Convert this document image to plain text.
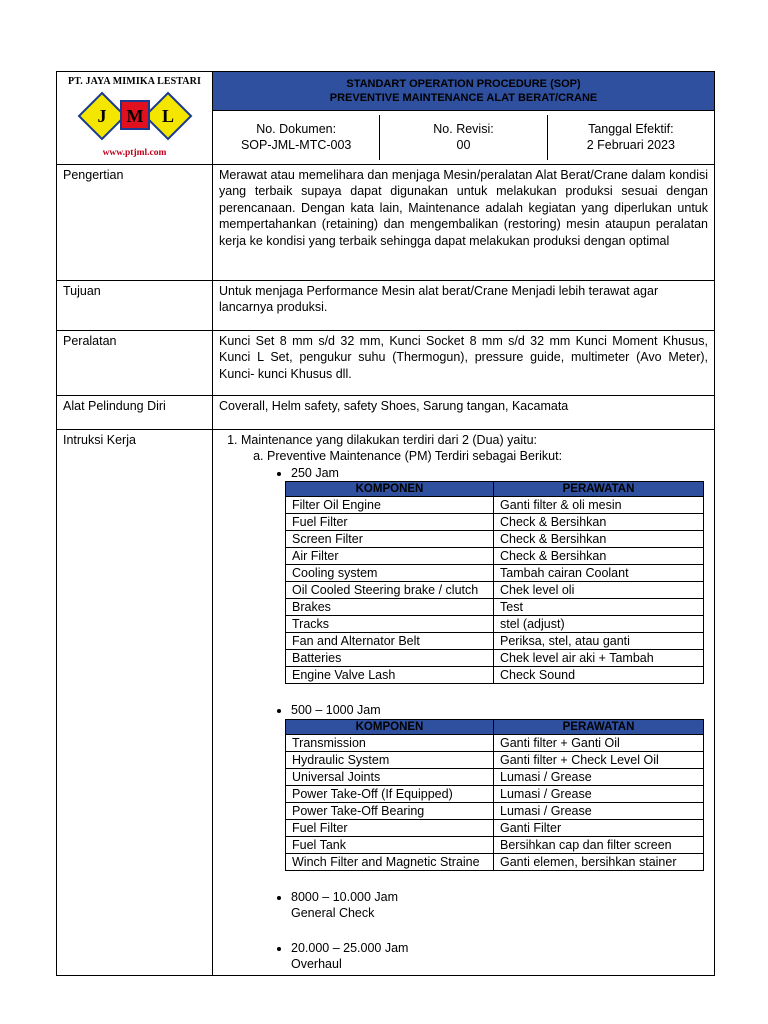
PT. JAYA MIMIKA LESTARI
J M L
www.ptjml.com

STANDART OPERATION PROCEDURE (SOP)
PREVENTIVE MAINTENANCE ALAT BERAT/CRANE

No. Dokumen:
SOP-JML-MTC-003
No. Revisi:
00
Tanggal Efektif:
2 Februari 2023

Pengertian	Merawat atau memelihara dan menjaga Mesin/peralatan Alat Berat/Crane dalam kondisi yang terbaik supaya dapat digunakan untuk melakukan produksi sesuai dengan perencanaan. Dengan kata lain, Maintenance adalah kegiatan yang diperlukan untuk mempertahankan (retaining) dan mengembalikan (restoring) mesin ataupun peralatan kerja ke kondisi yang terbaik sehingga dapat melakukan produksi dengan optimal
Tujuan	Untuk menjaga Performance Mesin alat berat/Crane Menjadi lebih terawat agar lancarnya produksi.
Peralatan	Kunci Set 8 mm s/d 32 mm, Kunci Socket 8 mm s/d 32 mm Kunci Moment Khusus, Kunci L Set, pengukur suhu (Thermogun), pressure guide, multimeter (Avo Meter), Kunci- kunci Khusus dll.
Alat Pelindung Diri	Coverall, Helm safety, safety Shoes, Sarung tangan, Kacamata
Intruksi Kerja	
1.Maintenance yang dilakukan terdiri dari 2 (Dua) yaitu:
a. Preventive Maintenance (PM) Terdiri sebagai Berikut:
• 250 Jam
KOMPONEN	PERAWATAN
Filter Oil Engine	Ganti filter & oli mesin
Fuel Filter	Check & Bersihkan
Screen Filter	Check & Bersihkan
Air Filter	Check & Bersihkan
Cooling system	Tambah cairan Coolant
Oil Cooled Steering brake / clutch	Chek level oli
Brakes	Test
Tracks	stel (adjust)
Fan and Alternator Belt	Periksa, stel, atau ganti
Batteries	Chek level air aki + Tambah
Engine Valve Lash	Check Sound
• 500 – 1000 Jam
KOMPONEN	PERAWATAN
Transmission	Ganti filter + Ganti Oil
Hydraulic System	Ganti filter + Check Level Oil
Universal Joints	Lumasi / Grease
Power Take-Off (If Equipped)	Lumasi / Grease
Power Take-Off Bearing	Lumasi / Grease
Fuel Filter	Ganti Filter
Fuel Tank	Bersihkan cap dan filter screen
Winch Filter and Magnetic Straine	Ganti elemen, bersihkan stainer
• 8000 – 10.000 Jam
General Check
• 20.000 – 25.000 Jam
Overhaul
